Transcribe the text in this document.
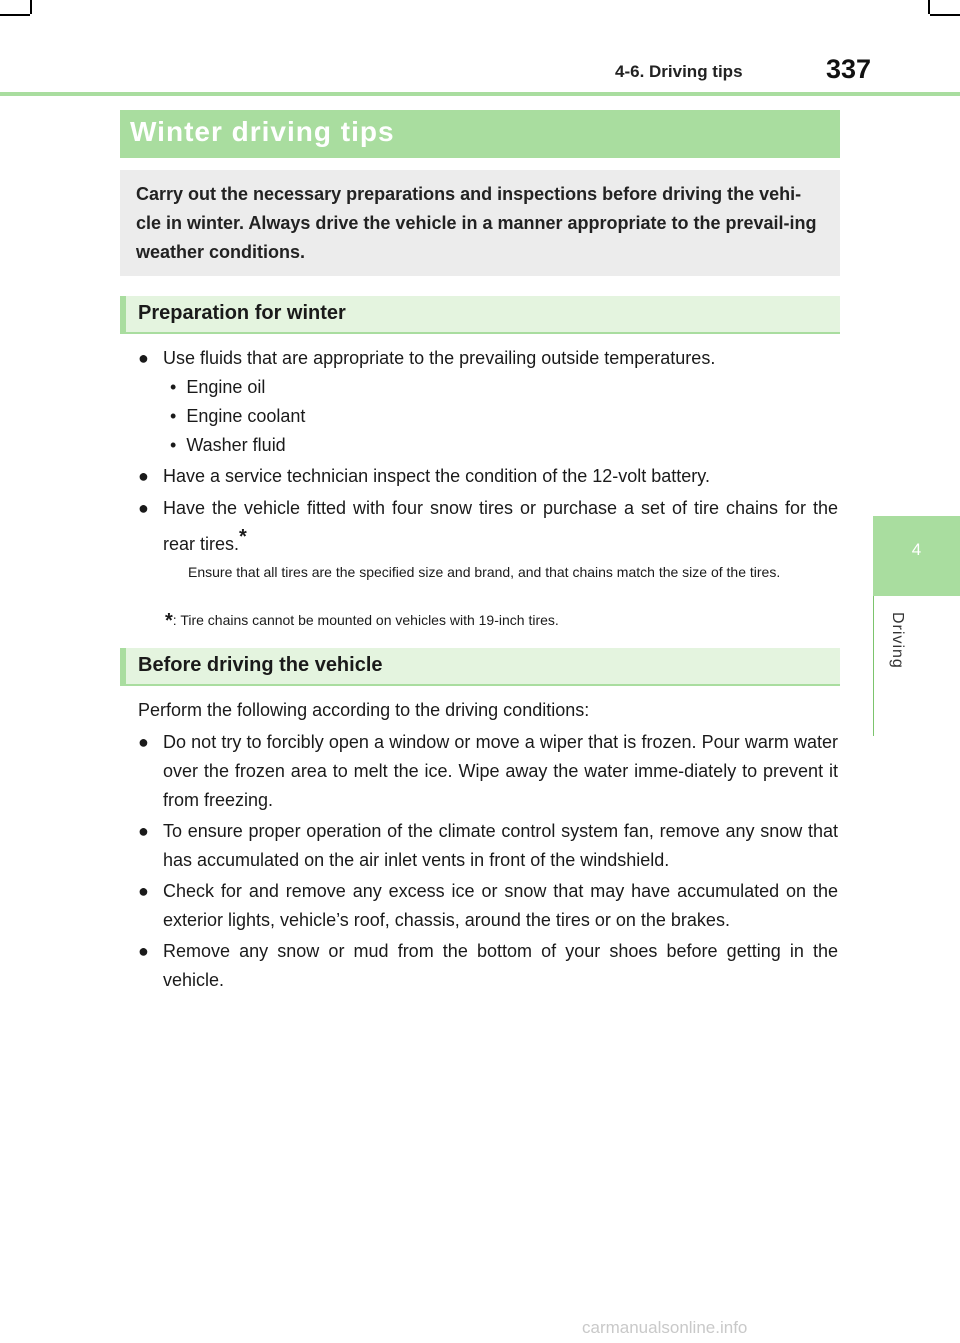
4-6. Driving tips	337
4
Driving
Winter driving tips

Carry out the necessary preparations and inspections before driving the vehi-cle in winter. Always drive the vehicle in a manner appropriate to the prevail-ing weather conditions.

Preparation for winter
● Use fluids that are appropriate to the prevailing outside temperatures.
• Engine oil
• Engine coolant
• Washer fluid
● Have a service technician inspect the condition of the 12-volt battery.
● Have the vehicle fitted with four snow tires or purchase a set of tire chains for the rear tires.*
Ensure that all tires are the specified size and brand, and that chains match the size of the tires.
*: Tire chains cannot be mounted on vehicles with 19-inch tires.
Before driving the vehicle
Perform the following according to the driving conditions:
● Do not try to forcibly open a window or move a wiper that is frozen. Pour warm water over the frozen area to melt the ice. Wipe away the water imme-diately to prevent it from freezing.
● To ensure proper operation of the climate control system fan, remove any snow that has accumulated on the air inlet vents in front of the windshield.
● Check for and remove any excess ice or snow that may have accumulated on the exterior lights, vehicle’s roof, chassis, around the tires or on the brakes.
● Remove any snow or mud from the bottom of your shoes before getting in the vehicle.
carmanualsonline.info
